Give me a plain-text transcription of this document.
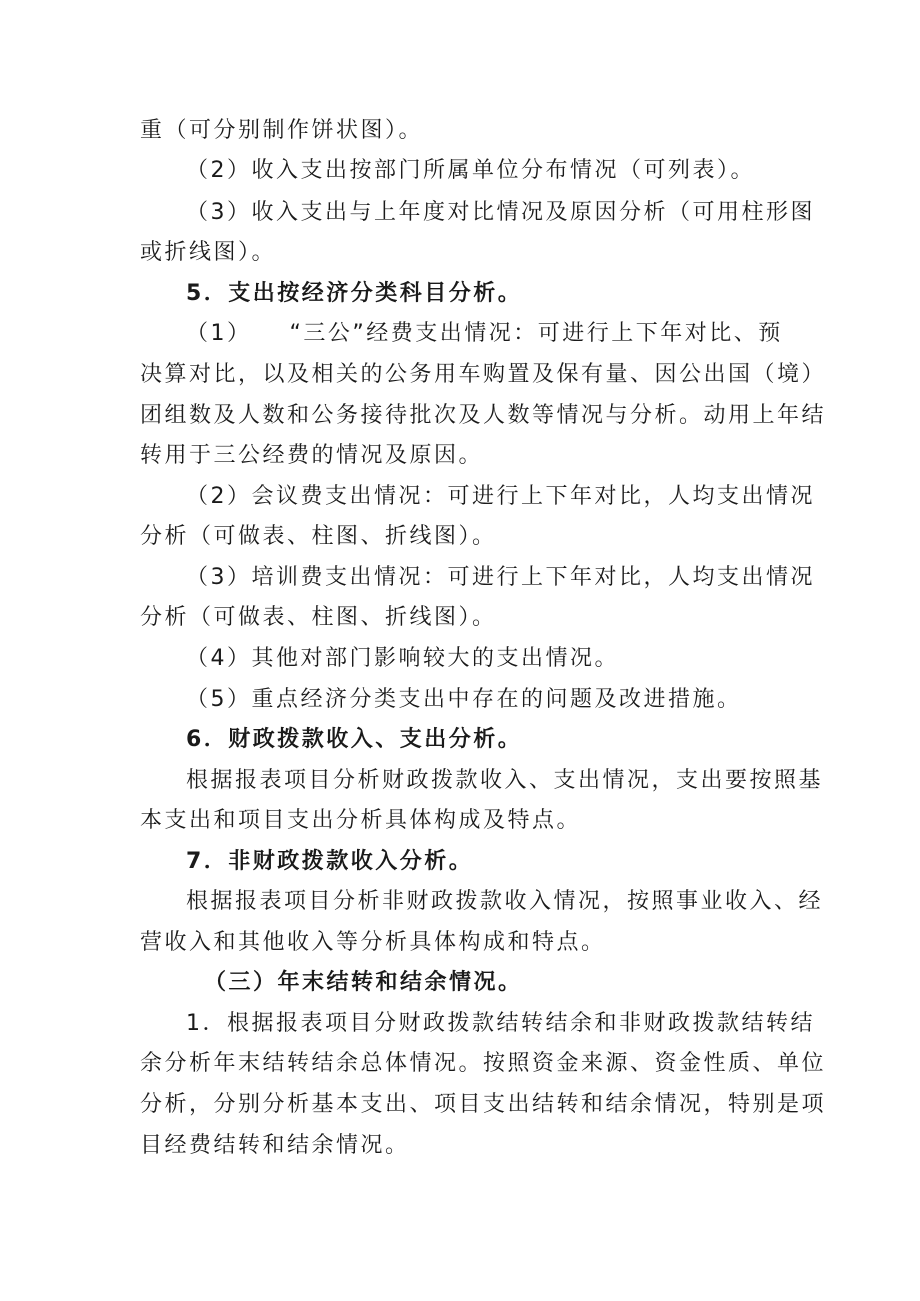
重（可分别制作饼状图）。
（2）收入支出按部门所属单位分布情况（可列表）。
（3）收入支出与上年度对比情况及原因分析（可用柱形图
或折线图）。
5．支出按经济分类科目分析。
（1）　　“三公”经费支出情况：可进行上下年对比、预
决算对比，以及相关的公务用车购置及保有量、因公出国（境）
团组数及人数和公务接待批次及人数等情况与分析。动用上年结
转用于三公经费的情况及原因。
（2）会议费支出情况：可进行上下年对比，人均支出情况
分析（可做表、柱图、折线图）。
（3）培训费支出情况：可进行上下年对比，人均支出情况
分析（可做表、柱图、折线图）。
（4）其他对部门影响较大的支出情况。
（5）重点经济分类支出中存在的问题及改进措施。
6．财政拨款收入、支出分析。
根据报表项目分析财政拨款收入、支出情况，支出要按照基
本支出和项目支出分析具体构成及特点。
7．非财政拨款收入分析。
根据报表项目分析非财政拨款收入情况，按照事业收入、经
营收入和其他收入等分析具体构成和特点。
（三）年末结转和结余情况。
1．根据报表项目分财政拨款结转结余和非财政拨款结转结
余分析年末结转结余总体情况。按照资金来源、资金性质、单位
分析，分别分析基本支出、项目支出结转和结余情况，特别是项
目经费结转和结余情况。
